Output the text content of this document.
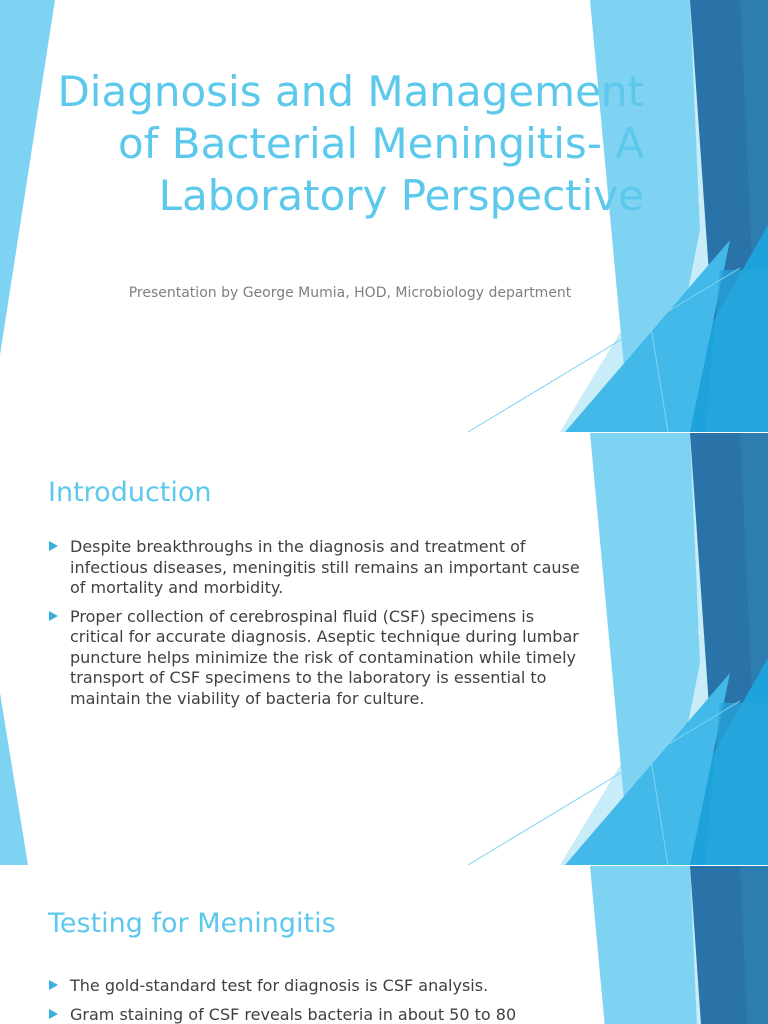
Diagnosis and Management of Bacterial Meningitis- A Laboratory Perspective

Presentation by George Mumia, HOD, Microbiology department

Introduction
Despite breakthroughs in the diagnosis and treatment of infectious diseases, meningitis still remains an important cause of mortality and morbidity.
Proper collection of cerebrospinal fluid (CSF) specimens is critical for accurate diagnosis. Aseptic technique during lumbar puncture helps minimize the risk of contamination while timely transport of CSF specimens to the laboratory is essential to maintain the viability of bacteria for culture.
Testing for Meningitis
The gold-standard test for diagnosis is CSF analysis.
Gram staining of CSF reveals bacteria in about 50 to 80
